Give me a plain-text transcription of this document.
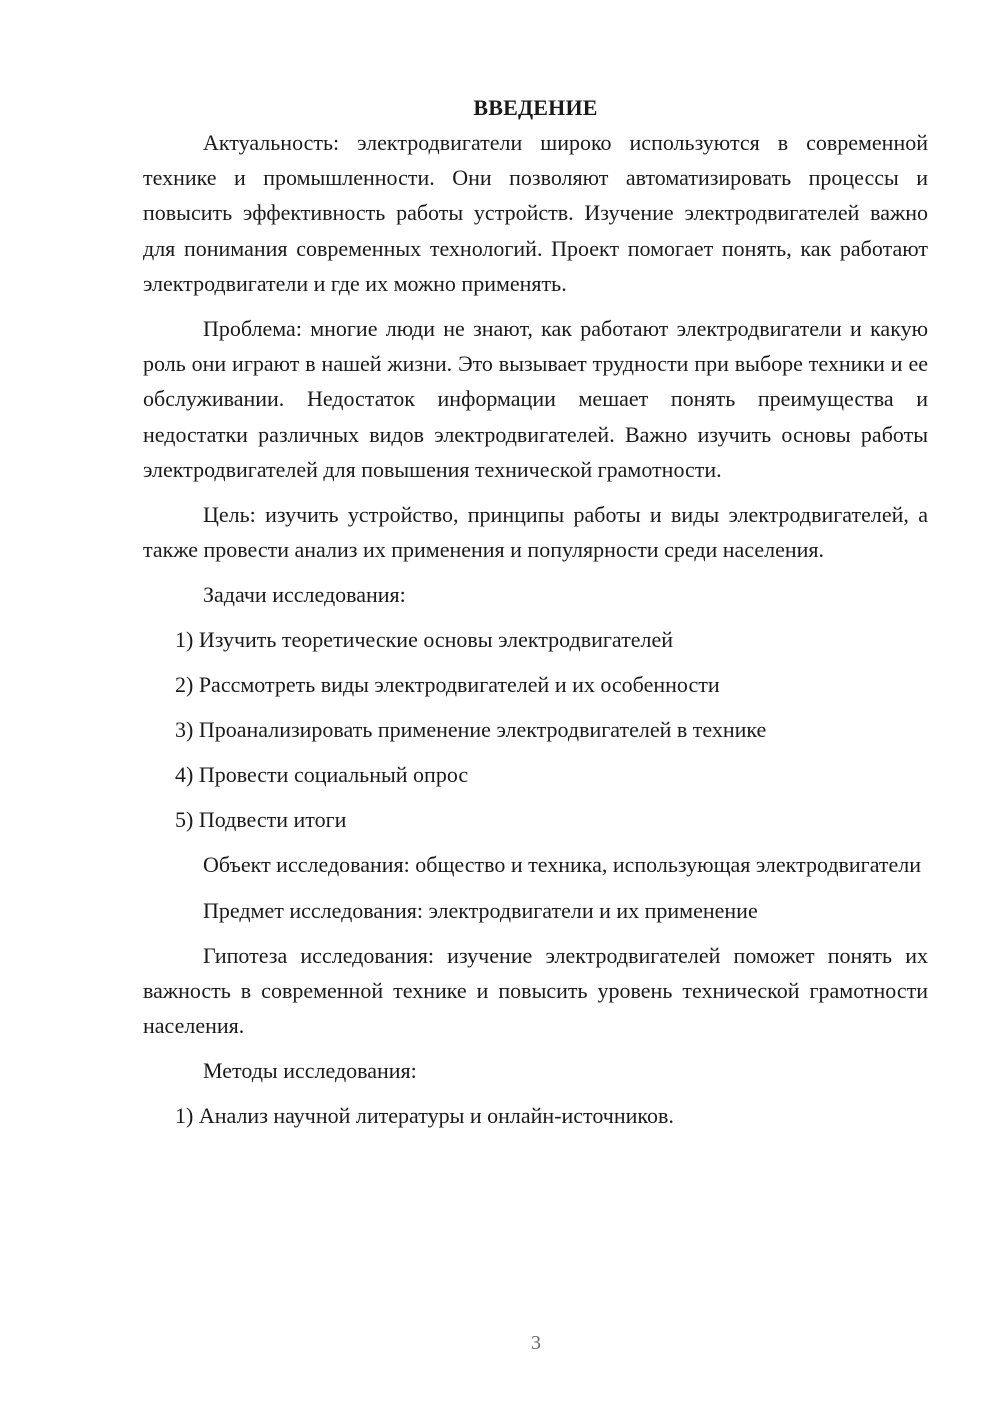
ВВЕДЕНИЕ

Актуальность: электродвигатели широко используются в современной технике и промышленности. Они позволяют автоматизировать процессы и повысить эффективность работы устройств. Изучение электродвигателей важно для понимания современных технологий. Проект помогает понять, как работают электродвигатели и где их можно применять.

Проблема: многие люди не знают, как работают электродвигатели и какую роль они играют в нашей жизни. Это вызывает трудности при выборе техники и ее обслуживании. Недостаток информации мешает понять преимущества и недостатки различных видов электродвигателей. Важно изучить основы работы электродвигателей для повышения технической грамотности.

Цель: изучить устройство, принципы работы и виды электродвигателей, а также провести анализ их применения и популярности среди населения.

Задачи исследования:
1) Изучить теоретические основы электродвигателей
2) Рассмотреть виды электродвигателей и их особенности
3) Проанализировать применение электродвигателей в технике
4) Провести социальный опрос
5) Подвести итоги

Объект исследования: общество и техника, использующая электродвигатели

Предмет исследования: электродвигатели и их применение

Гипотеза исследования: изучение электродвигателей поможет понять их важность в современной технике и повысить уровень технической грамотности населения.

Методы исследования:
1) Анализ научной литературы и онлайн-источников.
3
